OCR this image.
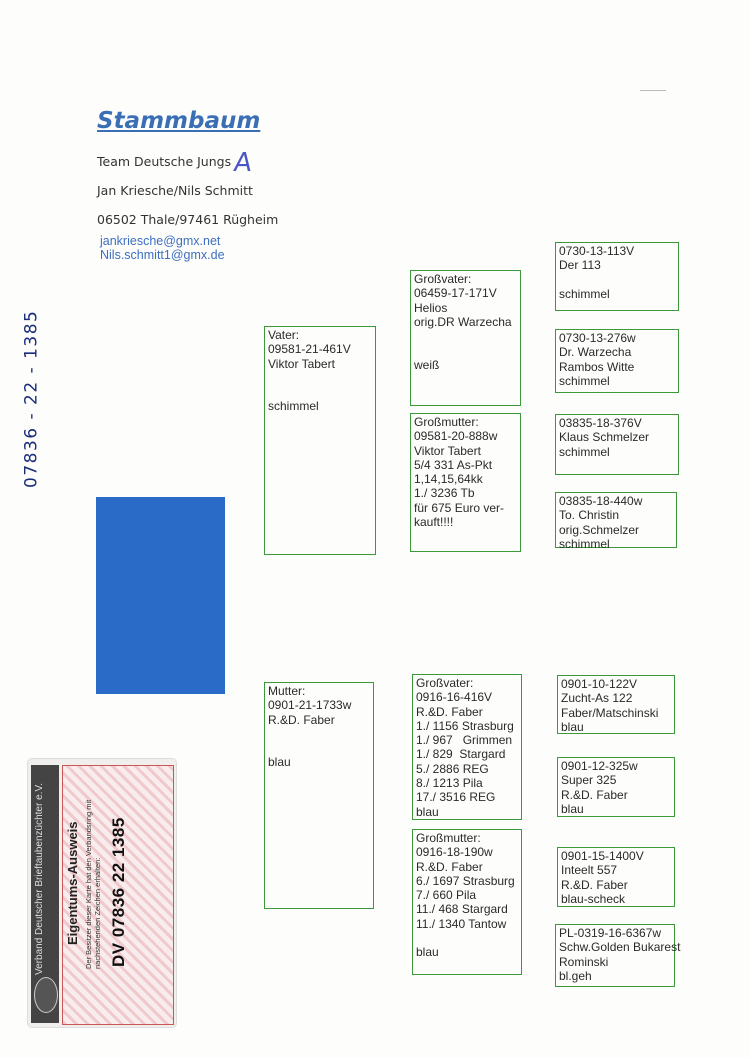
Stammbaum
Team Deutsche Jungs A
Jan Kriesche/Nils Schmitt
06502 Thale/97461 Rügheim
jankriesche@gmx.net
Nils.schmitt1@gmx.de
07836 - 22 - 1385
Verband Deutscher Brieftaubenzüchter e.V. Eigentums-Ausweis Der Besitzer dieser Karte hat den Verbandsring mit nachstehenden Zeichen erhalten: DV 07836 22 1385
Vater:
09581-21-461V
Viktor Tabert
schimmel
Mutter:
0901-21-1733w
R.&D. Faber
blau
Großvater:
06459-17-171V
Helios
orig.DR Warzecha
weiß
Großmutter:
09581-20-888w
Viktor Tabert
5/4 331 As-Pkt
1,14,15,64kk
1./ 3236 Tb
für 675 Euro ver-
kauft!!!!
Großvater:
0916-16-416V
R.&D. Faber
1./ 1156 Strasburg
1./ 967   Grimmen
1./ 829  Stargard
5./ 2886 REG
8./ 1213 Pila
17./ 3516 REG
blau
Großmutter:
0916-18-190w
R.&D. Faber
6./ 1697 Strasburg
7./ 660 Pila
11./ 468 Stargard
11./ 1340 Tantow
blau
0730-13-113V
Der 113
schimmel
0730-13-276w
Dr. Warzecha
Rambos Witte
schimmel
03835-18-376V
Klaus Schmelzer
schimmel
03835-18-440w
To. Christin
orig.Schmelzer
schimmel
0901-10-122V
Zucht-As 122
Faber/Matschinski
blau
0901-12-325w
Super 325
R.&D. Faber
blau
0901-15-1400V
Inteelt 557
R.&D. Faber
blau-scheck
PL-0319-16-6367w
Schw.Golden Bukarest
Rominski
bl.geh
